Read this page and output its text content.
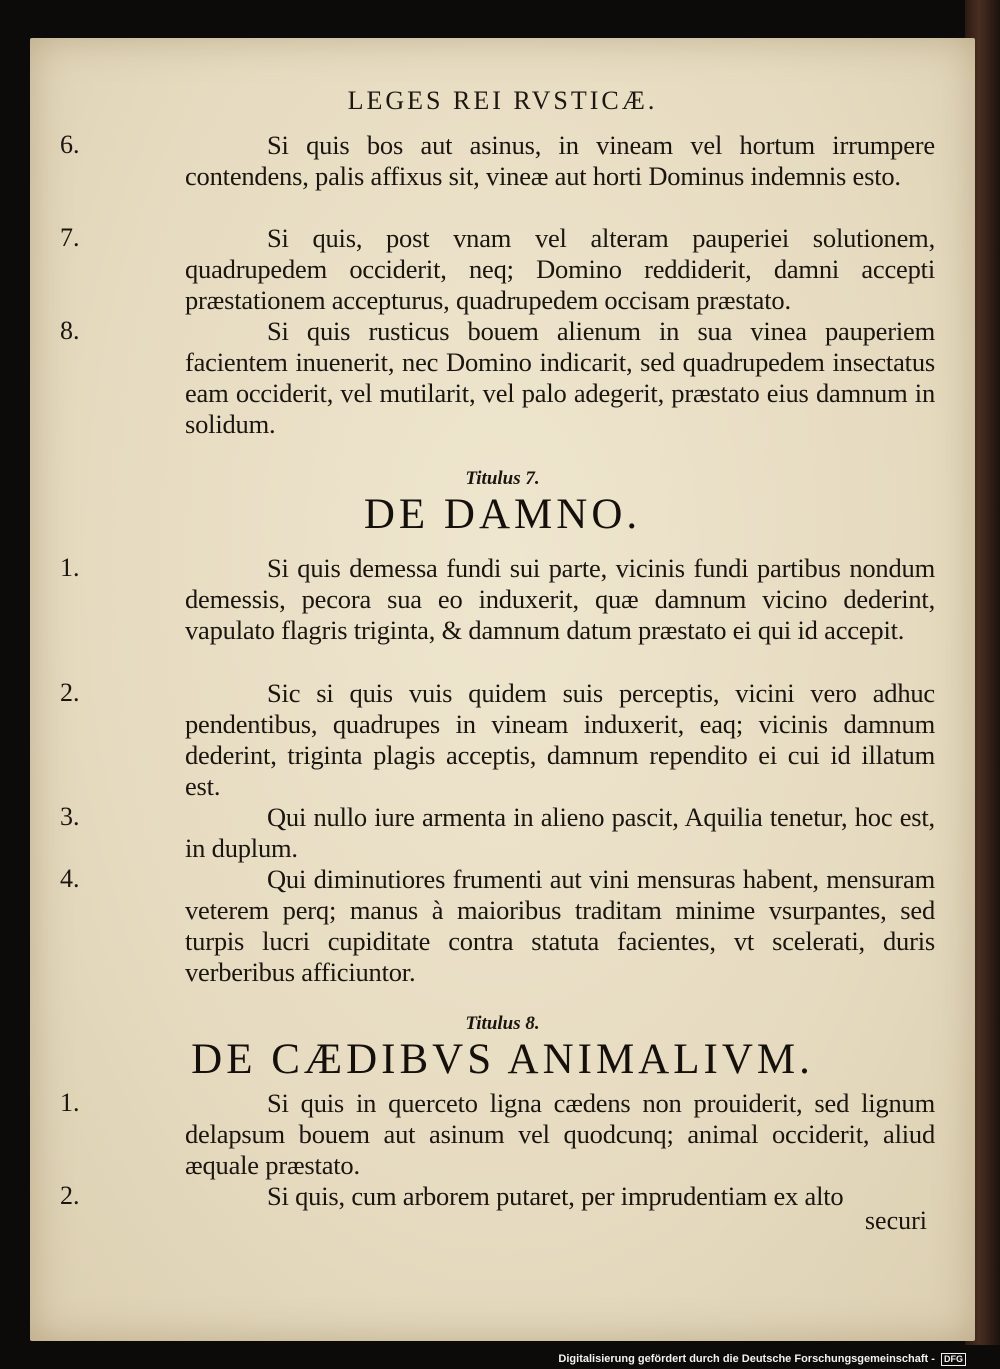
LEGES REI RVSTICÆ.
6.	Si quis bos aut asinus, in vineam vel hortum irrumpere contendens, palis affixus sit, vineæ aut horti Dominus indemnis esto.

7.	Si quis, post vnam vel alteram pauperiei solutionem, quadrupedem occiderit, neq; Domino reddiderit, damni accepti præstationem accepturus, quadrupedem occisam præstato.

8.	Si quis rusticus bouem alienum in sua vinea pauperiem facientem inuenerit, nec Domino indicarit, sed quadrupedem insectatus eam occiderit, vel mutilarit, vel palo adegerit, præstato eius damnum in solidum.

Titulus 7.
DE DAMNO.
1.	Si quis demessa fundi sui parte, vicinis fundi partibus nondum demessis, pecora sua eo induxerit, quæ damnum vicino dederint, vapulato flagris triginta, & damnum datum præstato ei qui id accepit.

2.	Sic si quis vuis quidem suis perceptis, vicini vero adhuc pendentibus, quadrupes in vineam induxerit, eaq; vicinis damnum dederint, triginta plagis acceptis, damnum rependito ei cui id illatum est.

3.	Qui nullo iure armenta in alieno pascit, Aquilia tenetur, hoc est, in duplum.

4.	Qui diminutiores frumenti aut vini mensuras habent, mensuram veterem perq; manus à maioribus traditam minime vsurpantes, sed turpis lucri cupiditate contra statuta facientes, vt scelerati, duris verberibus afficiuntor.

Titulus 8.
DE CÆDIBVS ANIMALIVM.
1.	Si quis in querceto ligna cædens non prouiderit, sed lignum delapsum bouem aut asinum vel quodcunq; animal occiderit, aliud æquale præstato.

2.	Si quis, cum arborem putaret, per imprudentiam ex alto

securi
Digitalisierung gefördert durch die Deutsche Forschungsgemeinschaft - DFG
